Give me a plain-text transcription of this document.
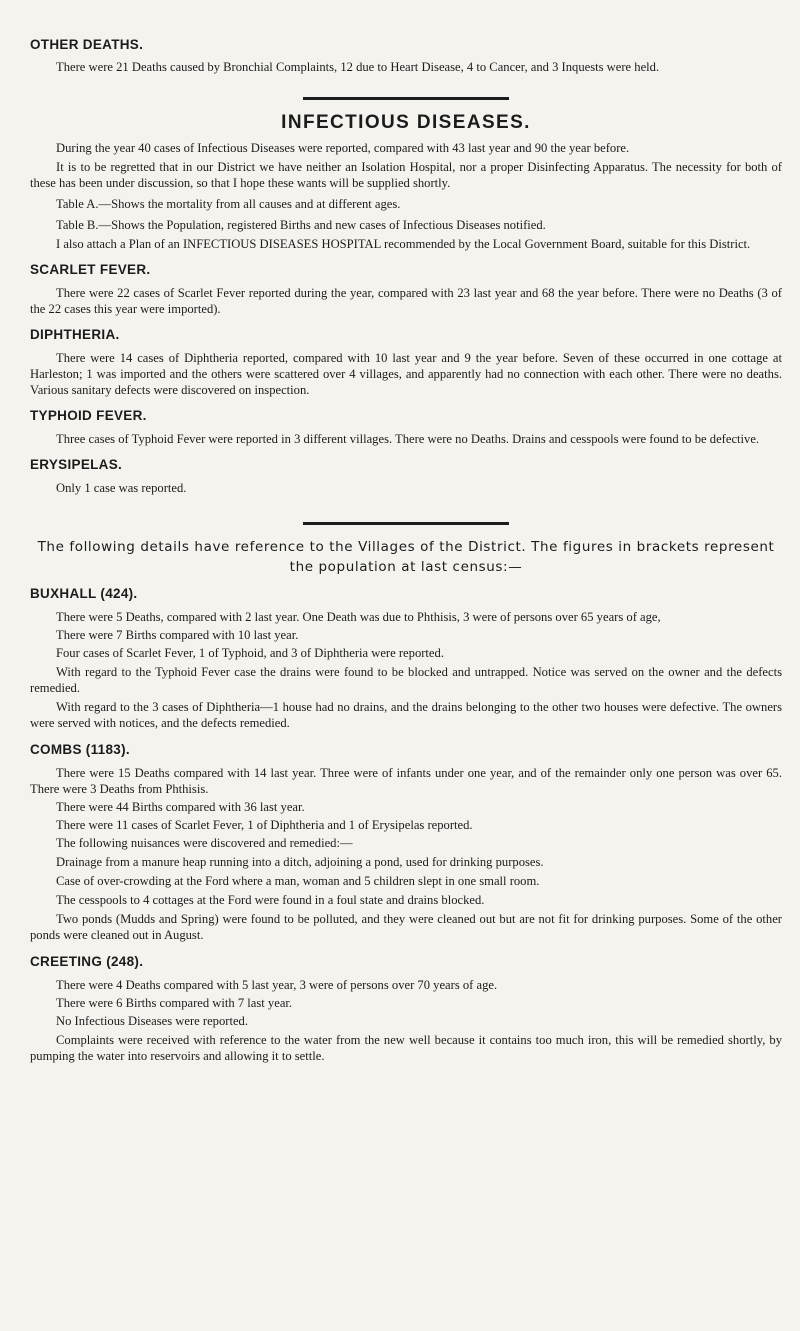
OTHER DEATHS.

There were 21 Deaths caused by Bronchial Complaints, 12 due to Heart Disease, 4 to Cancer, and 3 Inquests were held.

INFECTIOUS DISEASES.

During the year 40 cases of Infectious Diseases were reported, compared with 43 last year and 90 the year before.

It is to be regretted that in our District we have neither an Isolation Hospital, nor a proper Disinfecting Apparatus. The necessity for both of these has been under discussion, so that I hope these wants will be supplied shortly.

Table A.—Shows the mortality from all causes and at different ages.

Table B.—Shows the Population, registered Births and new cases of Infectious Diseases notified.

I also attach a Plan of an INFECTIOUS DISEASES HOSPITAL recommended by the Local Government Board, suitable for this District.

SCARLET FEVER.

There were 22 cases of Scarlet Fever reported during the year, compared with 23 last year and 68 the year before. There were no Deaths (3 of the 22 cases this year were imported).

DIPHTHERIA.

There were 14 cases of Diphtheria reported, compared with 10 last year and 9 the year before. Seven of these occurred in one cottage at Harleston; 1 was imported and the others were scattered over 4 villages, and apparently had no connection with each other. There were no deaths. Various sanitary defects were discovered on inspection.

TYPHOID FEVER.

Three cases of Typhoid Fever were reported in 3 different villages. There were no Deaths. Drains and cesspools were found to be defective.

ERYSIPELAS.

Only 1 case was reported.

The following details have reference to the Villages of the District. The figures in brackets represent the population at last census:—

BUXHALL (424).

There were 5 Deaths, compared with 2 last year. One Death was due to Phthisis, 3 were of persons over 65 years of age,

There were 7 Births compared with 10 last year.

Four cases of Scarlet Fever, 1 of Typhoid, and 3 of Diphtheria were reported.

With regard to the Typhoid Fever case the drains were found to be blocked and untrapped. Notice was served on the owner and the defects remedied.

With regard to the 3 cases of Diphtheria—1 house had no drains, and the drains belonging to the other two houses were defective. The owners were served with notices, and the defects remedied.

COMBS (1183).

There were 15 Deaths compared with 14 last year. Three were of infants under one year, and of the remainder only one person was over 65. There were 3 Deaths from Phthisis.

There were 44 Births compared with 36 last year.

There were 11 cases of Scarlet Fever, 1 of Diphtheria and 1 of Erysipelas reported.

The following nuisances were discovered and remedied:—

Drainage from a manure heap running into a ditch, adjoining a pond, used for drinking purposes.

Case of over-crowding at the Ford where a man, woman and 5 children slept in one small room.

The cesspools to 4 cottages at the Ford were found in a foul state and drains blocked.

Two ponds (Mudds and Spring) were found to be polluted, and they were cleaned out but are not fit for drinking purposes. Some of the other ponds were cleaned out in August.

CREETING (248).

There were 4 Deaths compared with 5 last year, 3 were of persons over 70 years of age.

There were 6 Births compared with 7 last year.

No Infectious Diseases were reported.

Complaints were received with reference to the water from the new well because it contains too much iron, this will be remedied shortly, by pumping the water into reservoirs and allowing it to settle.
